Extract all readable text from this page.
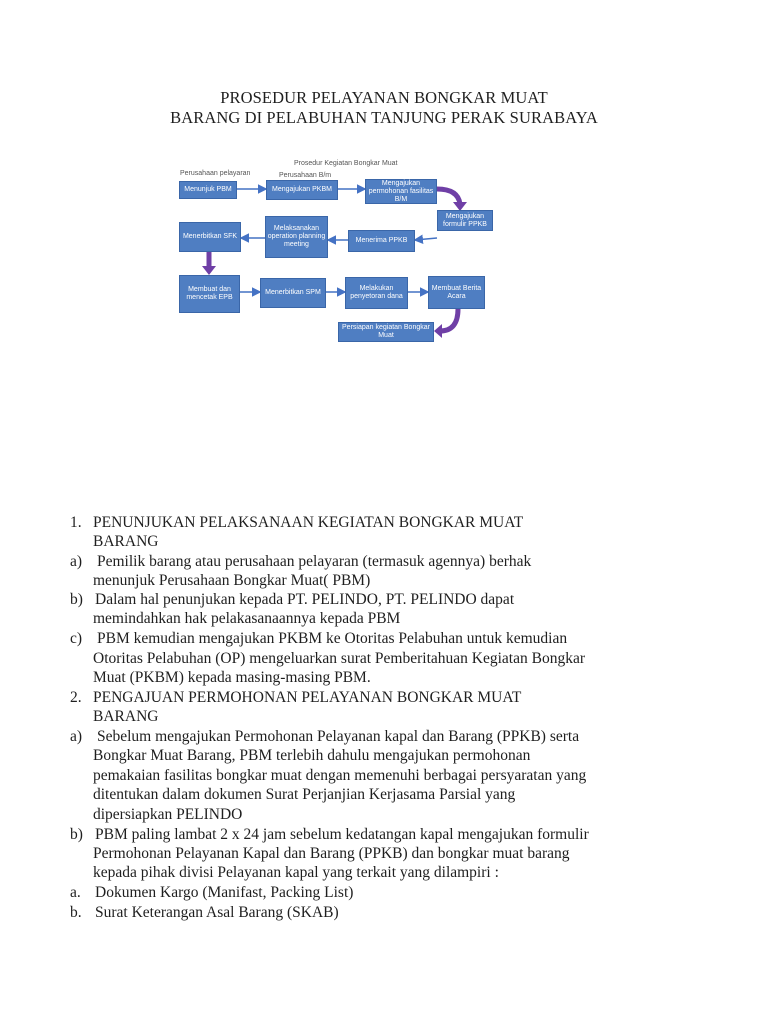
PROSEDUR PELAYANAN BONGKAR MUAT
BARANG DI PELABUHAN TANJUNG PERAK SURABAYA
Prosedur Kegiatan Bongkar Muat
Perusahaan pelayaran	Perusahaan B/m
Menunjuk PBM	Mengajukan PKBM
Mengajukan permohonan fasilitas B/M
Mengajukan formulir PPKB
Menerima PPKB
Melaksanakan operation planning meeting
Menerbitkan SFK
Membuat dan mencetak EPB
Menerbitkan SPM
Melakukan penyetoran dana
Membuat Berita Acara
Persiapan kegiatan Bongkar Muat
1. PENUNJUKAN PELAKSANAAN KEGIATAN BONGKAR MUAT
BARANG
a) Pemilik barang atau perusahaan pelayaran (termasuk agennya) berhak
menunjuk Perusahaan Bongkar Muat( PBM)
b) Dalam hal penunjukan kepada PT. PELINDO, PT. PELINDO dapat
memindahkan hak pelakasanaannya kepada PBM
c) PBM kemudian mengajukan PKBM ke Otoritas Pelabuhan untuk kemudian
Otoritas Pelabuhan (OP) mengeluarkan surat Pemberitahuan Kegiatan Bongkar
Muat (PKBM) kepada masing-masing PBM.
2. PENGAJUAN PERMOHONAN PELAYANAN BONGKAR MUAT
BARANG
a) Sebelum mengajukan Permohonan Pelayanan kapal dan Barang (PPKB) serta
Bongkar Muat Barang, PBM terlebih dahulu mengajukan permohonan
pemakaian fasilitas bongkar muat dengan memenuhi berbagai persyaratan yang
ditentukan dalam dokumen Surat Perjanjian Kerjasama Parsial yang
dipersiapkan PELINDO
b) PBM paling lambat 2 x 24 jam sebelum kedatangan kapal mengajukan formulir
Permohonan Pelayanan Kapal dan Barang (PPKB) dan bongkar muat barang
kepada pihak divisi Pelayanan kapal yang terkait yang dilampiri :
a. Dokumen Kargo (Manifast, Packing List)
b. Surat Keterangan Asal Barang (SKAB)
